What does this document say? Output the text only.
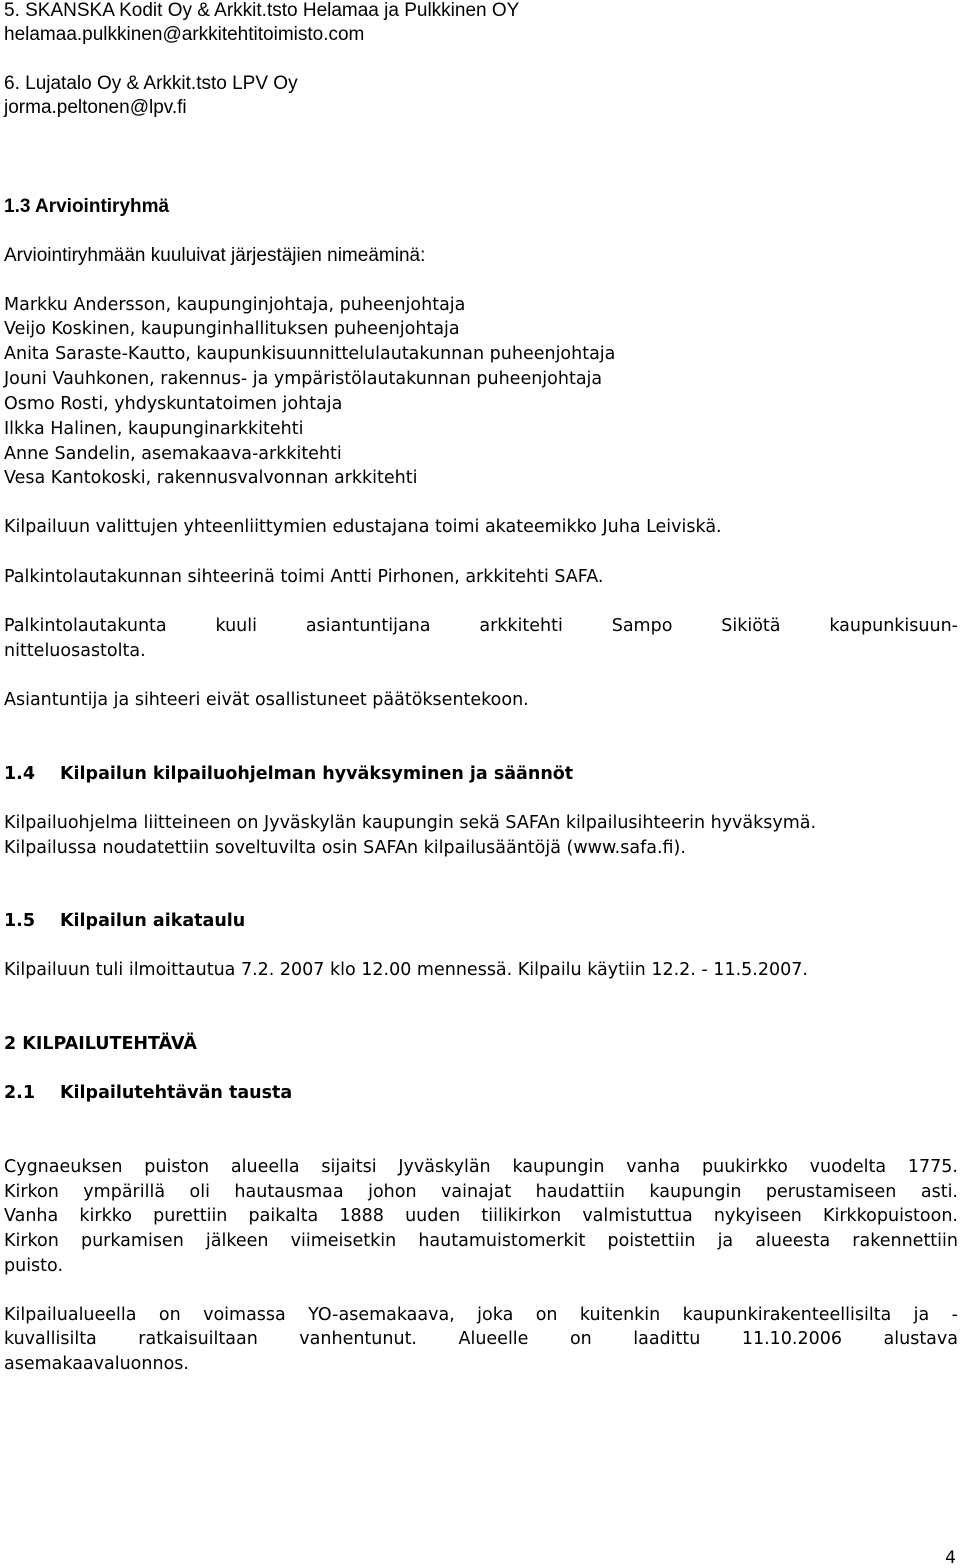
5. SKANSKA Kodit Oy & Arkkit.tsto Helamaa ja Pulkkinen OY
helamaa.pulkkinen@arkkitehtitoimisto.com
6. Lujatalo Oy & Arkkit.tsto LPV Oy
jorma.peltonen@lpv.fi
1.3 Arviointiryhmä
Arviointiryhmään kuuluivat järjestäjien nimeäminä:
Markku Andersson, kaupunginjohtaja, puheenjohtaja
Veijo Koskinen, kaupunginhallituksen puheenjohtaja
Anita Saraste-Kautto, kaupunkisuunnittelulautakunnan puheenjohtaja
Jouni Vauhkonen, rakennus- ja ympäristölautakunnan puheenjohtaja
Osmo Rosti, yhdyskuntatoimen johtaja
Ilkka Halinen, kaupunginarkkitehti
Anne Sandelin, asemakaava-arkkitehti
Vesa Kantokoski, rakennusvalvonnan arkkitehti
Kilpailuun valittujen yhteenliittymien edustajana toimi akateemikko Juha Leiviskä.
Palkintolautakunnan sihteerinä toimi Antti Pirhonen, arkkitehti SAFA.
Palkintolautakunta kuuli asiantuntijana arkkitehti Sampo Sikiötä kaupunkisuun-
nitteluosastolta.
Asiantuntija ja sihteeri eivät osallistuneet päätöksentekoon.
1.4 Kilpailun kilpailuohjelman hyväksyminen ja säännöt
Kilpailuohjelma liitteineen on Jyväskylän kaupungin sekä SAFAn kilpailusihteerin hyväksymä.
Kilpailussa noudatettiin soveltuvilta osin SAFAn kilpailusääntöjä (www.safa.fi).
1.5 Kilpailun aikataulu
Kilpailuun tuli ilmoittautua 7.2. 2007 klo 12.00 mennessä. Kilpailu käytiin 12.2. - 11.5.2007.
2 KILPAILUTEHTÄVÄ
2.1 Kilpailutehtävän tausta
Cygnaeuksen puiston alueella sijaitsi Jyväskylän kaupungin vanha puukirkko vuodelta 1775.
Kirkon ympärillä oli hautausmaa johon vainajat haudattiin kaupungin perustamiseen asti.
Vanha kirkko purettiin paikalta 1888 uuden tiilikirkon valmistuttua nykyiseen Kirkkopuistoon.
Kirkon purkamisen jälkeen viimeisetkin hautamuistomerkit poistettiin ja alueesta rakennettiin
puisto.
Kilpailualueella on voimassa YO-asemakaava, joka on kuitenkin kaupunkirakenteellisilta ja -
kuvallisilta ratkaisuiltaan vanhentunut. Alueelle on laadittu 11.10.2006 alustava
asemakaavaluonnos.
4
